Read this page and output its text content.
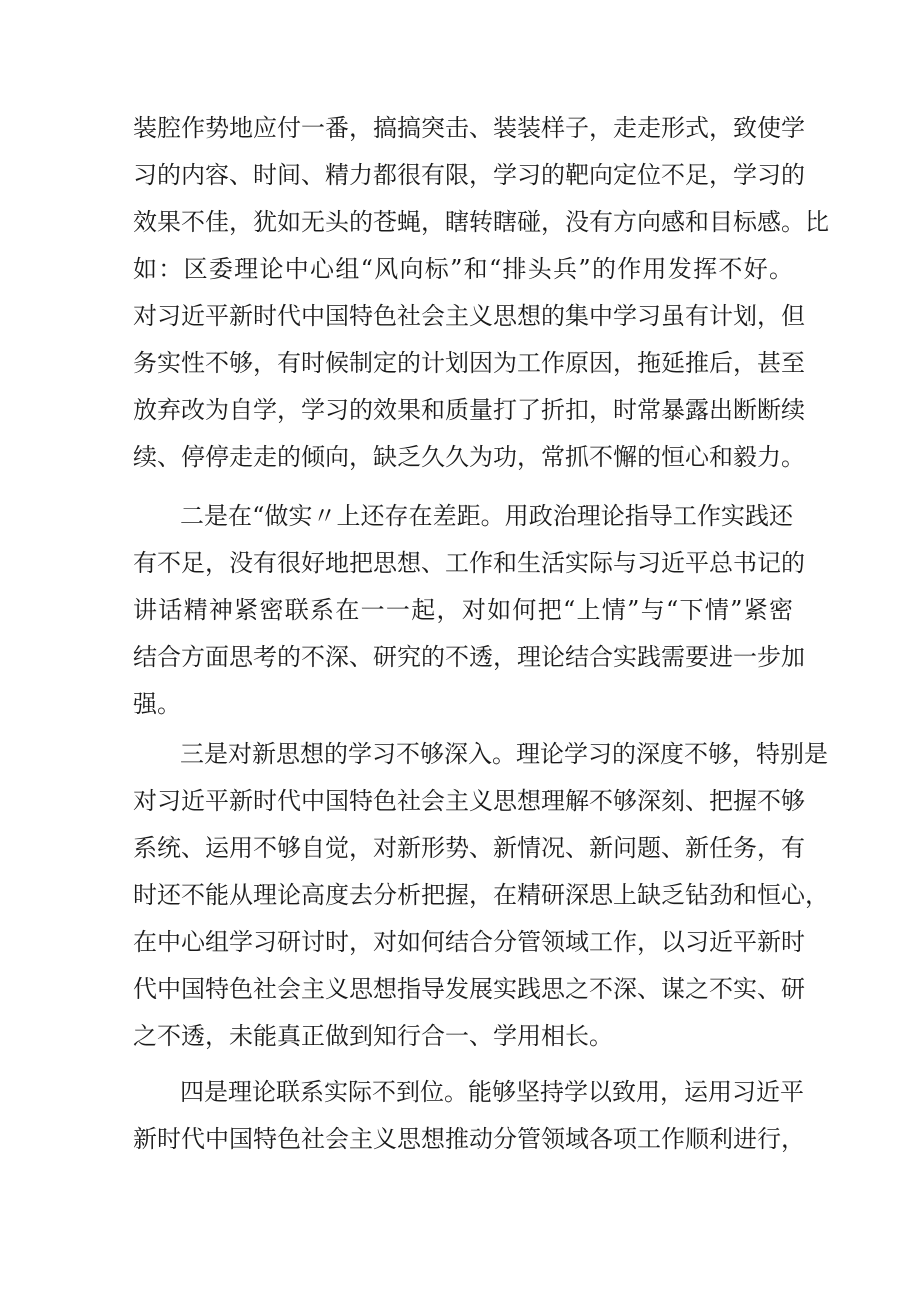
装腔作势地应付一番，搞搞突击、装装样子，走走形式，致使学
习的内容、时间、精力都很有限，学习的靶向定位不足，学习的
效果不佳，犹如无头的苍蝇，瞎转瞎碰，没有方向感和目标感。比
如：区委理论中心组“风向标”和“排头兵”的作用发挥不好。
对习近平新时代中国特色社会主义思想的集中学习虽有计划，但
务实性不够，有时候制定的计划因为工作原因，拖延推后，甚至
放弃改为自学，学习的效果和质量打了折扣，时常暴露出断断续
续、停停走走的倾向，缺乏久久为功，常抓不懈的恒心和毅力。
二是在“做实〃上还存在差距。用政治理论指导工作实践还
有不足，没有很好地把思想、工作和生活实际与习近平总书记的
讲话精神紧密联系在一一起，对如何把“上情”与“下情”紧密
结合方面思考的不深、研究的不透，理论结合实践需要进一步加
强。
三是对新思想的学习不够深入。理论学习的深度不够，特别是
对习近平新时代中国特色社会主义思想理解不够深刻、把握不够
系统、运用不够自觉，对新形势、新情况、新问题、新任务，有
时还不能从理论高度去分析把握，在精研深思上缺乏钻劲和恒心，
在中心组学习研讨时，对如何结合分管领域工作，以习近平新时
代中国特色社会主义思想指导发展实践思之不深、谋之不实、研
之不透，未能真正做到知行合一、学用相长。
四是理论联系实际不到位。能够坚持学以致用，运用习近平
新时代中国特色社会主义思想推动分管领域各项工作顺利进行，
